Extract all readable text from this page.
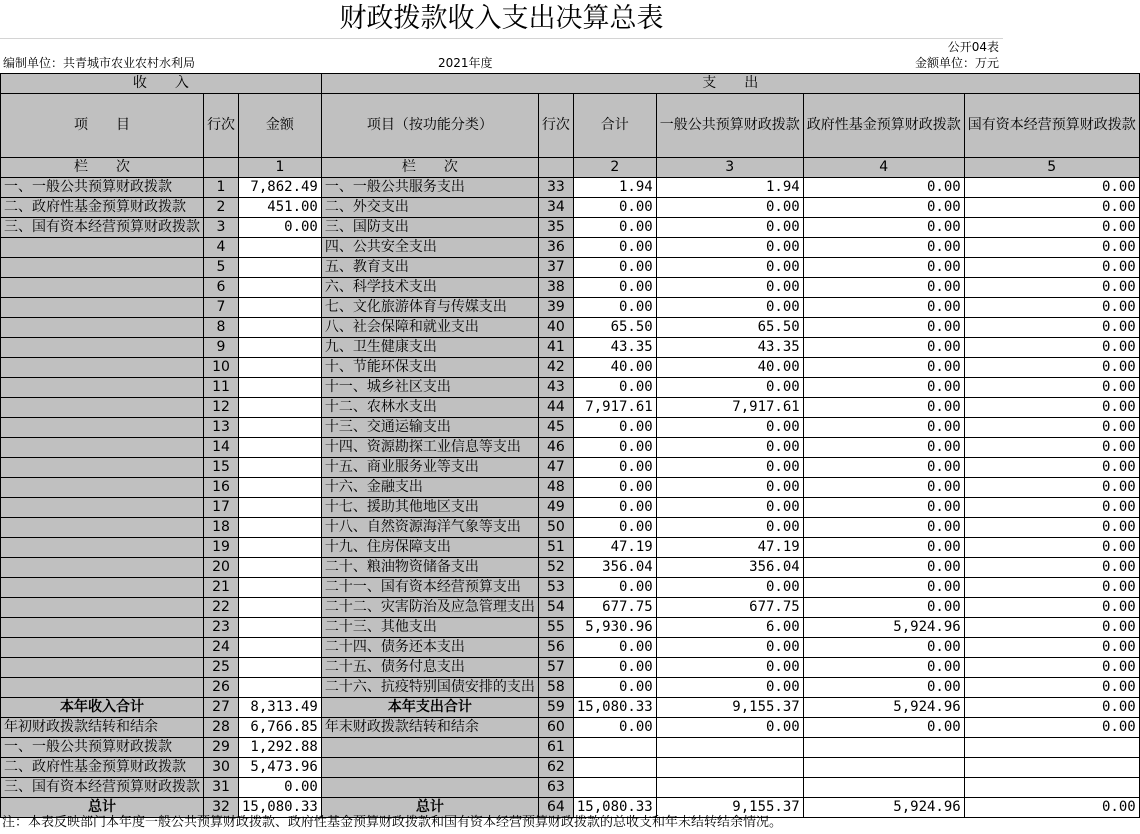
财政拨款收入支出决算总表
公开04表
编制单位：共青城市农业农村水利局	2021年度	金额单位：万元
收　　入			支　　出					
项　　目	行次	金额	项目（按功能分类）	行次	合计	一般公共预算财政拨款	政府性基金预算财政拨款	国有资本经营预算财政拨款
栏　　次		1	栏　　次		2	3	4	5
一、一般公共预算财政拨款	1	7,862.49	一、一般公共服务支出	33	1.94	1.94	0.00	0.00
二、政府性基金预算财政拨款	2	451.00	二、外交支出	34	0.00	0.00	0.00	0.00
三、国有资本经营预算财政拨款	3	0.00	三、国防支出	35	0.00	0.00	0.00	0.00
	4		四、公共安全支出	36	0.00	0.00	0.00	0.00
	5		五、教育支出	37	0.00	0.00	0.00	0.00
	6		六、科学技术支出	38	0.00	0.00	0.00	0.00
	7		七、文化旅游体育与传媒支出	39	0.00	0.00	0.00	0.00
	8		八、社会保障和就业支出	40	65.50	65.50	0.00	0.00
	9		九、卫生健康支出	41	43.35	43.35	0.00	0.00
	10		十、节能环保支出	42	40.00	40.00	0.00	0.00
	11		十一、城乡社区支出	43	0.00	0.00	0.00	0.00
	12		十二、农林水支出	44	7,917.61	7,917.61	0.00	0.00
	13		十三、交通运输支出	45	0.00	0.00	0.00	0.00
	14		十四、资源勘探工业信息等支出	46	0.00	0.00	0.00	0.00
	15		十五、商业服务业等支出	47	0.00	0.00	0.00	0.00
	16		十六、金融支出	48	0.00	0.00	0.00	0.00
	17		十七、援助其他地区支出	49	0.00	0.00	0.00	0.00
	18		十八、自然资源海洋气象等支出	50	0.00	0.00	0.00	0.00
	19		十九、住房保障支出	51	47.19	47.19	0.00	0.00
	20		二十、粮油物资储备支出	52	356.04	356.04	0.00	0.00
	21		二十一、国有资本经营预算支出	53	0.00	0.00	0.00	0.00
	22		二十二、灾害防治及应急管理支出	54	677.75	677.75	0.00	0.00
	23		二十三、其他支出	55	5,930.96	6.00	5,924.96	0.00
	24		二十四、债务还本支出	56	0.00	0.00	0.00	0.00
	25		二十五、债务付息支出	57	0.00	0.00	0.00	0.00
	26		二十六、抗疫特别国债安排的支出	58	0.00	0.00	0.00	0.00
本年收入合计	27	8,313.49	本年支出合计	59	15,080.33	9,155.37	5,924.96	0.00
年初财政拨款结转和结余	28	6,766.85	年末财政拨款结转和结余	60	0.00	0.00	0.00	0.00
一、一般公共预算财政拨款	29	1,292.88		61				
二、政府性基金预算财政拨款	30	5,473.96		62				
三、国有资本经营预算财政拨款	31	0.00		63				
总计	32	15,080.33	总计	64	15,080.33	9,155.37	5,924.96	0.00
注：本表反映部门本年度一般公共预算财政拨款、政府性基金预算财政拨款和国有资本经营预算财政拨款的总收支和年末结转结余情况。
